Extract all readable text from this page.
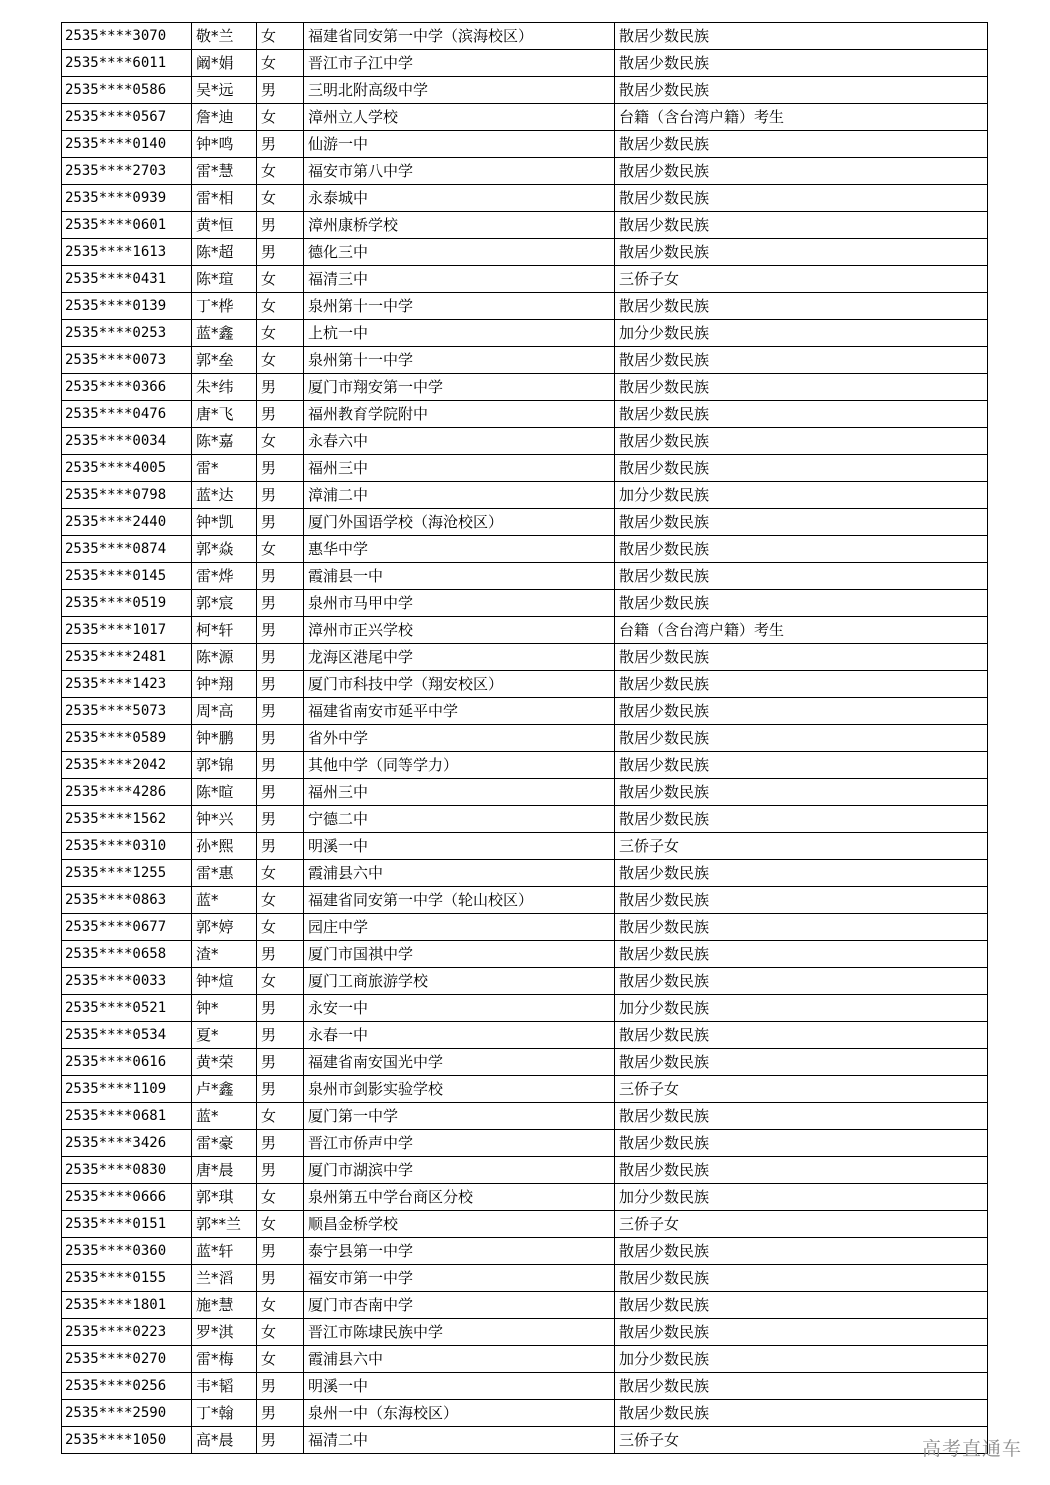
2535****3070	敬*兰	女	福建省同安第一中学（滨海校区）	散居少数民族
2535****6011	阚*娟	女	晋江市子江中学	散居少数民族
2535****0586	吴*远	男	三明北附高级中学	散居少数民族
2535****0567	詹*迪	女	漳州立人学校	台籍（含台湾户籍）考生
2535****0140	钟*鸣	男	仙游一中	散居少数民族
2535****2703	雷*慧	女	福安市第八中学	散居少数民族
2535****0939	雷*相	女	永泰城中	散居少数民族
2535****0601	黄*恒	男	漳州康桥学校	散居少数民族
2535****1613	陈*超	男	德化三中	散居少数民族
2535****0431	陈*瑄	女	福清三中	三侨子女
2535****0139	丁*桦	女	泉州第十一中学	散居少数民族
2535****0253	蓝*鑫	女	上杭一中	加分少数民族
2535****0073	郭*垒	女	泉州第十一中学	散居少数民族
2535****0366	朱*纬	男	厦门市翔安第一中学	散居少数民族
2535****0476	唐*飞	男	福州教育学院附中	散居少数民族
2535****0034	陈*嘉	女	永春六中	散居少数民族
2535****4005	雷*	男	福州三中	散居少数民族
2535****0798	蓝*达	男	漳浦二中	加分少数民族
2535****2440	钟*凯	男	厦门外国语学校（海沧校区）	散居少数民族
2535****0874	郭*焱	女	惠华中学	散居少数民族
2535****0145	雷*烨	男	霞浦县一中	散居少数民族
2535****0519	郭*宸	男	泉州市马甲中学	散居少数民族
2535****1017	柯*轩	男	漳州市正兴学校	台籍（含台湾户籍）考生
2535****2481	陈*源	男	龙海区港尾中学	散居少数民族
2535****1423	钟*翔	男	厦门市科技中学（翔安校区）	散居少数民族
2535****5073	周*高	男	福建省南安市延平中学	散居少数民族
2535****0589	钟*鹏	男	省外中学	散居少数民族
2535****2042	郭*锦	男	其他中学（同等学力）	散居少数民族
2535****4286	陈*暄	男	福州三中	散居少数民族
2535****1562	钟*兴	男	宁德二中	散居少数民族
2535****0310	孙*熙	男	明溪一中	三侨子女
2535****1255	雷*惠	女	霞浦县六中	散居少数民族
2535****0863	蓝*	女	福建省同安第一中学（轮山校区）	散居少数民族
2535****0677	郭*婷	女	园庄中学	散居少数民族
2535****0658	渣*	男	厦门市国祺中学	散居少数民族
2535****0033	钟*煊	女	厦门工商旅游学校	散居少数民族
2535****0521	钟*	男	永安一中	加分少数民族
2535****0534	夏*	男	永春一中	散居少数民族
2535****0616	黄*荣	男	福建省南安国光中学	散居少数民族
2535****1109	卢*鑫	男	泉州市剑影实验学校	三侨子女
2535****0681	蓝*	女	厦门第一中学	散居少数民族
2535****3426	雷*豪	男	晋江市侨声中学	散居少数民族
2535****0830	唐*晨	男	厦门市湖滨中学	散居少数民族
2535****0666	郭*琪	女	泉州第五中学台商区分校	加分少数民族
2535****0151	郭**兰	女	顺昌金桥学校	三侨子女
2535****0360	蓝*轩	男	泰宁县第一中学	散居少数民族
2535****0155	兰*滔	男	福安市第一中学	散居少数民族
2535****1801	施*慧	女	厦门市杏南中学	散居少数民族
2535****0223	罗*淇	女	晋江市陈埭民族中学	散居少数民族
2535****0270	雷*梅	女	霞浦县六中	加分少数民族
2535****0256	韦*韬	男	明溪一中	散居少数民族
2535****2590	丁*翰	男	泉州一中（东海校区）	散居少数民族
2535****1050	高*晨	男	福清二中	三侨子女	高考直通车
